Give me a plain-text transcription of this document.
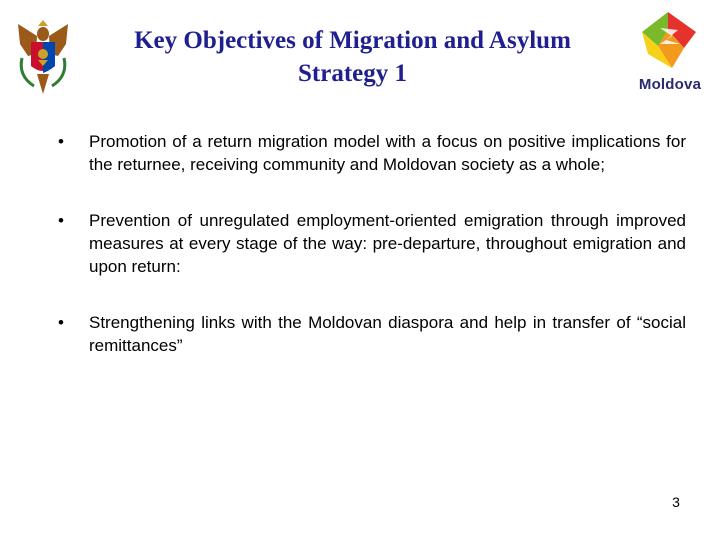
Key Objectives of Migration and Asylum
Strategy 1	Moldova
• Promotion of a return migration model with a focus on positive implications for the returnee, receiving community and Moldovan society as a whole;
• Prevention of unregulated employment-oriented emigration through improved measures at every stage of the way: pre-departure, throughout emigration and upon return:
• Strengthening links with the Moldovan diaspora and help in transfer of “social remittances”
3
